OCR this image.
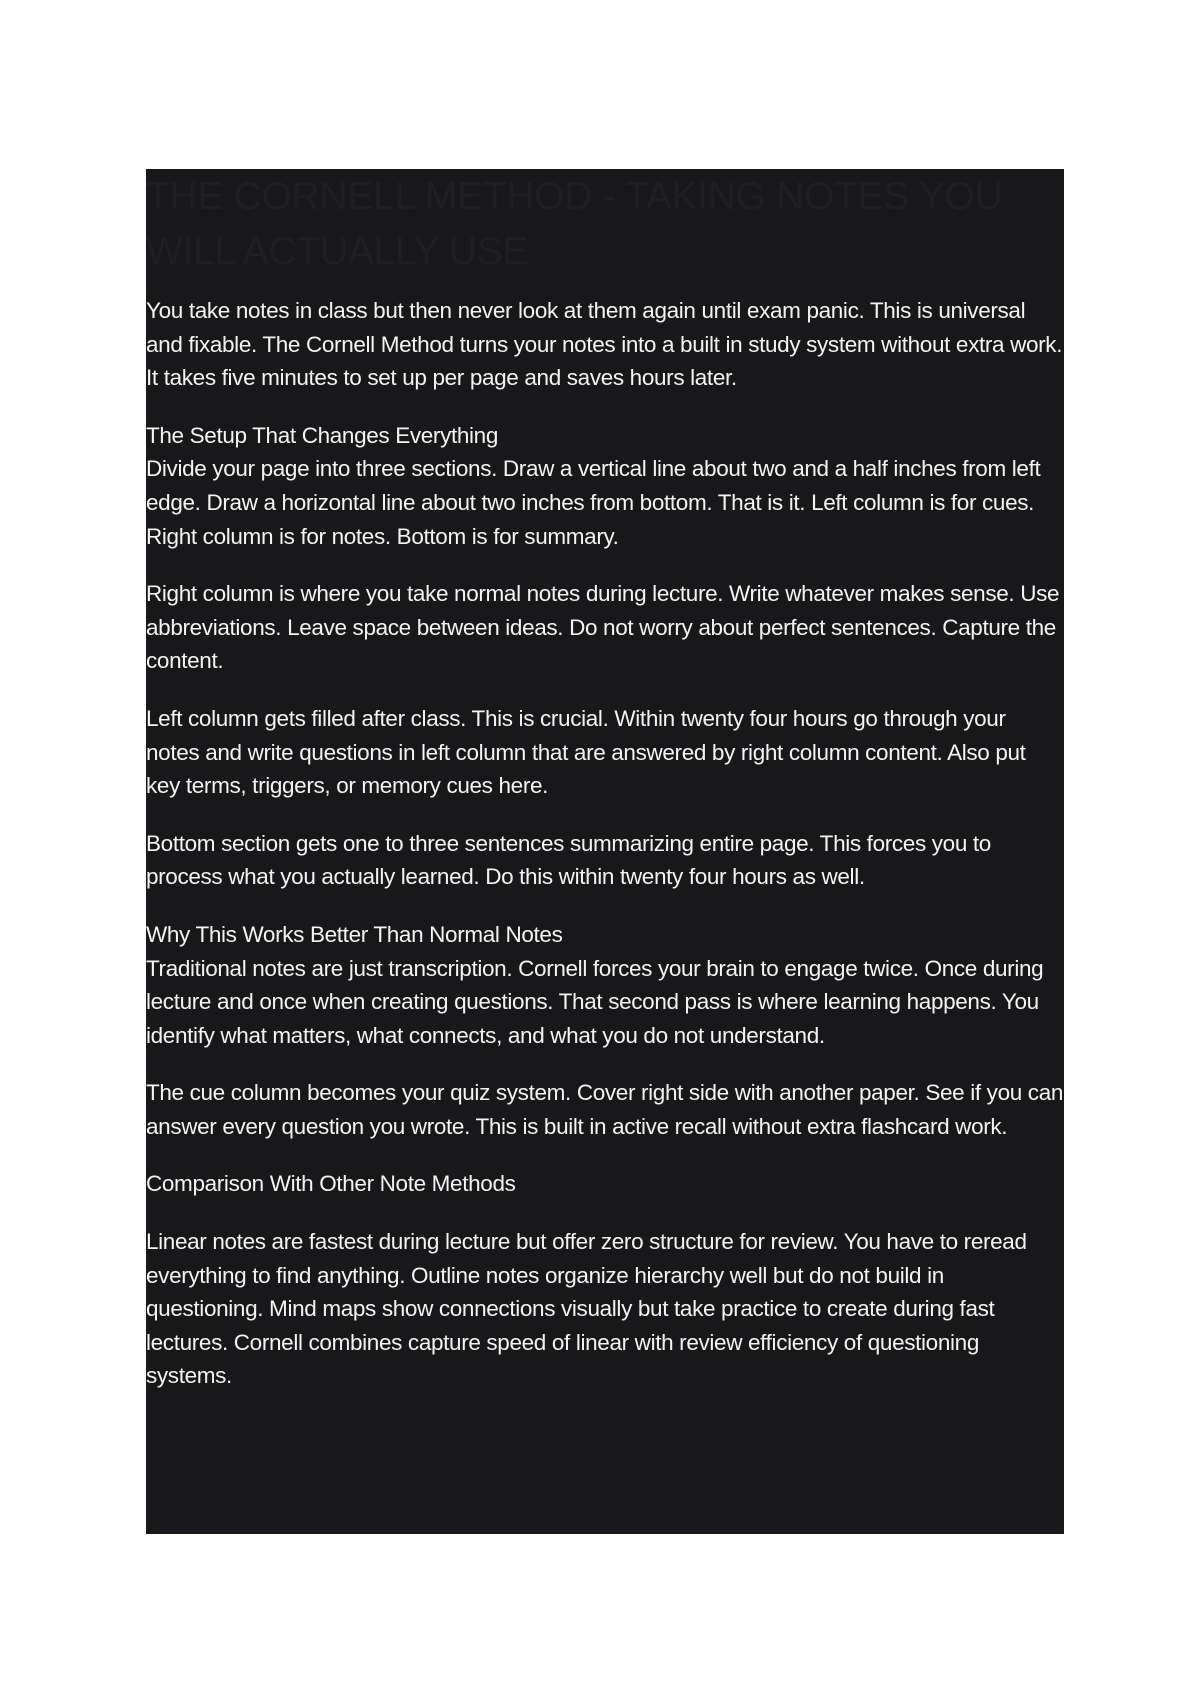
THE CORNELL METHOD - TAKING NOTES YOU WILL ACTUALLY USE

You take notes in class but then never look at them again until exam panic. This is universal and fixable. The Cornell Method turns your notes into a built in study system without extra work. It takes five minutes to set up per page and saves hours later.

The Setup That Changes Everything

Divide your page into three sections. Draw a vertical line about two and a half inches from left edge. Draw a horizontal line about two inches from bottom. That is it. Left column is for cues. Right column is for notes. Bottom is for summary.

Right column is where you take normal notes during lecture. Write whatever makes sense. Use abbreviations. Leave space between ideas. Do not worry about perfect sentences. Capture the content.

Left column gets filled after class. This is crucial. Within twenty four hours go through your notes and write questions in left column that are answered by right column content. Also put key terms, triggers, or memory cues here.

Bottom section gets one to three sentences summarizing entire page. This forces you to process what you actually learned. Do this within twenty four hours as well.

Why This Works Better Than Normal Notes

Traditional notes are just transcription. Cornell forces your brain to engage twice. Once during lecture and once when creating questions. That second pass is where learning happens. You identify what matters, what connects, and what you do not understand.

The cue column becomes your quiz system. Cover right side with another paper. See if you can answer every question you wrote. This is built in active recall without extra flashcard work.

Comparison With Other Note Methods

Linear notes are fastest during lecture but offer zero structure for review. You have to reread everything to find anything. Outline notes organize hierarchy well but do not build in questioning. Mind maps show connections visually but take practice to create during fast lectures. Cornell combines capture speed of linear with review efficiency of questioning systems.
